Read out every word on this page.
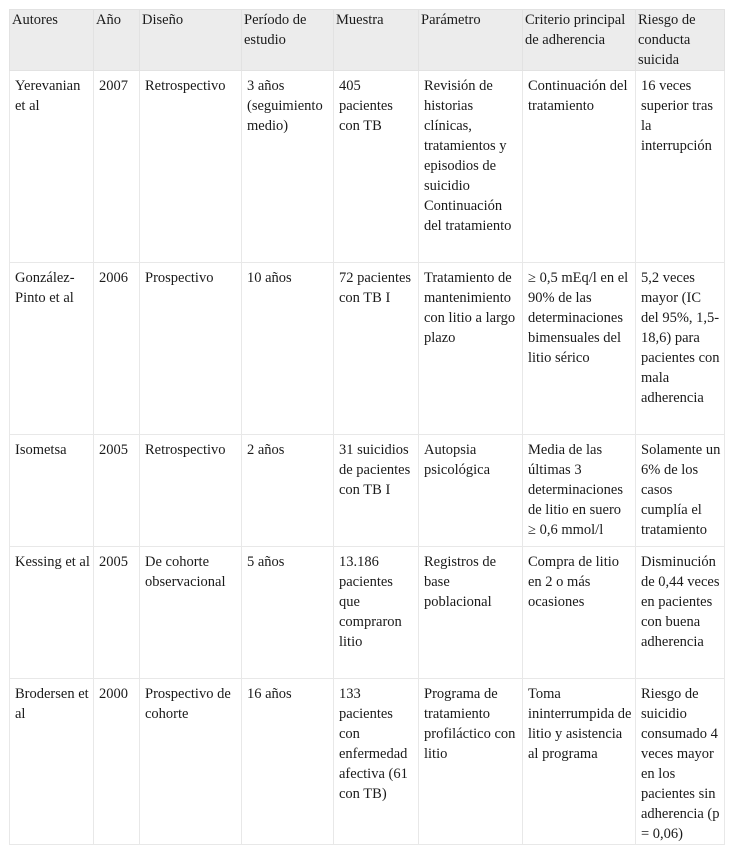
Autores	Año	Diseño	Período de estudio	Muestra	Parámetro	Criterio principal de adherencia	Riesgo de conducta suicida
Yerevanian et al	2007	Retrospectivo	3 años (seguimiento medio)	405 pacientes con TB	Revisión de historias clínicas, tratamientos y episodios de suicidio Continuación del tratamiento	Continuación del tratamiento	16 veces superior tras la interrupción
González-Pinto et al	2006	Prospectivo	10 años	72 pacientes con TB I	Tratamiento de mantenimiento con litio a largo plazo	≥ 0,5 mEq/l en el 90% de las determinaciones bimensuales del litio sérico	5,2 veces mayor (IC del 95%, 1,5-18,6) para pacientes con mala adherencia
Isometsa	2005	Retrospectivo	2 años	31 suicidios de pacientes con TB I	Autopsia psicológica	Media de las últimas 3 determinaciones de litio en suero ≥ 0,6 mmol/l	Solamente un 6% de los casos cumplía el tratamiento
Kessing et al	2005	De cohorte observacional	5 años	13.186 pacientes que compraron litio	Registros de base poblacional	Compra de litio en 2 o más ocasiones	Disminución de 0,44 veces en pacientes con buena adherencia
Brodersen et al	2000	Prospectivo de cohorte	16 años	133 pacientes con enfermedad afectiva (61 con TB)	Programa de tratamiento profiláctico con litio	Toma ininterrumpida de litio y asistencia al programa	Riesgo de suicidio consumado 4 veces mayor en los pacientes sin adherencia (p = 0,06)
